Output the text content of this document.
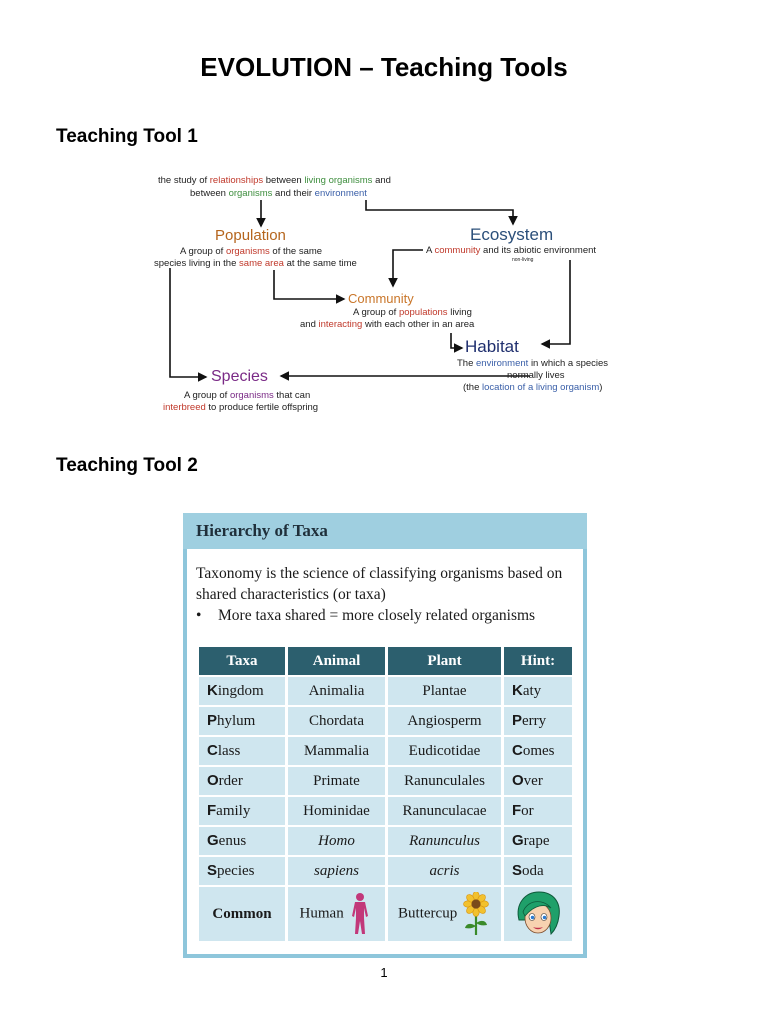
EVOLUTION – Teaching Tools
Teaching Tool 1
the study of relationships between living organisms and
between organisms and their environment
Population
A group of organisms of the same
species living in the same area at the same time
Ecosystem
A community and its abiotic environment
non-living
Community
A group of populations living
and interacting with each other in an area
Habitat
The environment in which a species
normally lives
(the location of a living organism)
Species
A group of organisms that can
interbreed to produce fertile offspring
Teaching Tool 2
Hierarchy of Taxa
Taxonomy is the science of classifying organisms based on shared characteristics (or taxa)
• More taxa shared = more closely related organisms
Taxa	Animal	Plant	Hint:
Kingdom	Animalia	Plantae	Katy
Phylum	Chordata	Angiosperm	Perry
Class	Mammalia	Eudicotidae	Comes
Order	Primate	Ranunculales	Over
Family	Hominidae	Ranunculacae	For
Genus	Homo	Ranunculus	Grape
Species	sapiens	acris	Soda
Common	Human	Buttercup	
1
